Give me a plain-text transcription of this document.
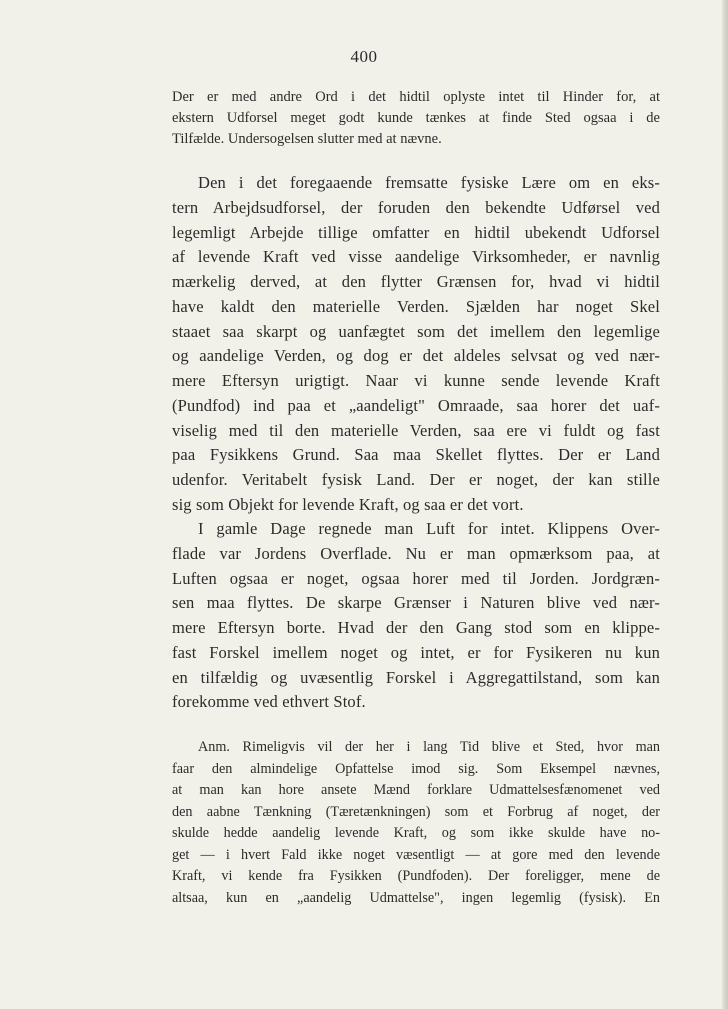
400
Der er med andre Ord i det hidtil oplyste intet til Hinder for, at
ekstern Udforsel meget godt kunde tænkes at finde Sted ogsaa i de
Tilfælde. Undersogelsen slutter med at nævne.
Den i det foregaaende fremsatte fysiske Lære om en eks-
tern Arbejdsudforsel, der foruden den bekendte Udførsel ved
legemligt Arbejde tillige omfatter en hidtil ubekendt Udforsel
af levende Kraft ved visse aandelige Virksomheder, er navnlig
mærkelig derved, at den flytter Grænsen for, hvad vi hidtil
have kaldt den materielle Verden. Sjælden har noget Skel
staaet saa skarpt og uanfægtet som det imellem den legemlige
og aandelige Verden, og dog er det aldeles selvsat og ved nær-
mere Eftersyn urigtigt. Naar vi kunne sende levende Kraft
(Pundfod) ind paa et „aandeligt" Omraade, saa horer det uaf-
viselig med til den materielle Verden, saa ere vi fuldt og fast
paa Fysikkens Grund. Saa maa Skellet flyttes. Der er Land
udenfor. Veritabelt fysisk Land. Der er noget, der kan stille
sig som Objekt for levende Kraft, og saa er det vort.
I gamle Dage regnede man Luft for intet. Klippens Over-
flade var Jordens Overflade. Nu er man opmærksom paa, at
Luften ogsaa er noget, ogsaa horer med til Jorden. Jordgræn-
sen maa flyttes. De skarpe Grænser i Naturen blive ved nær-
mere Eftersyn borte. Hvad der den Gang stod som en klippe-
fast Forskel imellem noget og intet, er for Fysikeren nu kun
en tilfældig og uvæsentlig Forskel i Aggregattilstand, som kan
forekomme ved ethvert Stof.
Anm. Rimeligvis vil der her i lang Tid blive et Sted, hvor man
faar den almindelige Opfattelse imod sig. Som Eksempel nævnes,
at man kan hore ansete Mænd forklare Udmattelsesfænomenet ved
den aabne Tænkning (Tæretænkningen) som et Forbrug af noget, der
skulde hedde aandelig levende Kraft, og som ikke skulde have no-
get — i hvert Fald ikke noget væsentligt — at gore med den levende
Kraft, vi kende fra Fysikken (Pundfoden). Der foreligger, mene de
altsaa, kun en „aandelig Udmattelse", ingen legemlig (fysisk). En
